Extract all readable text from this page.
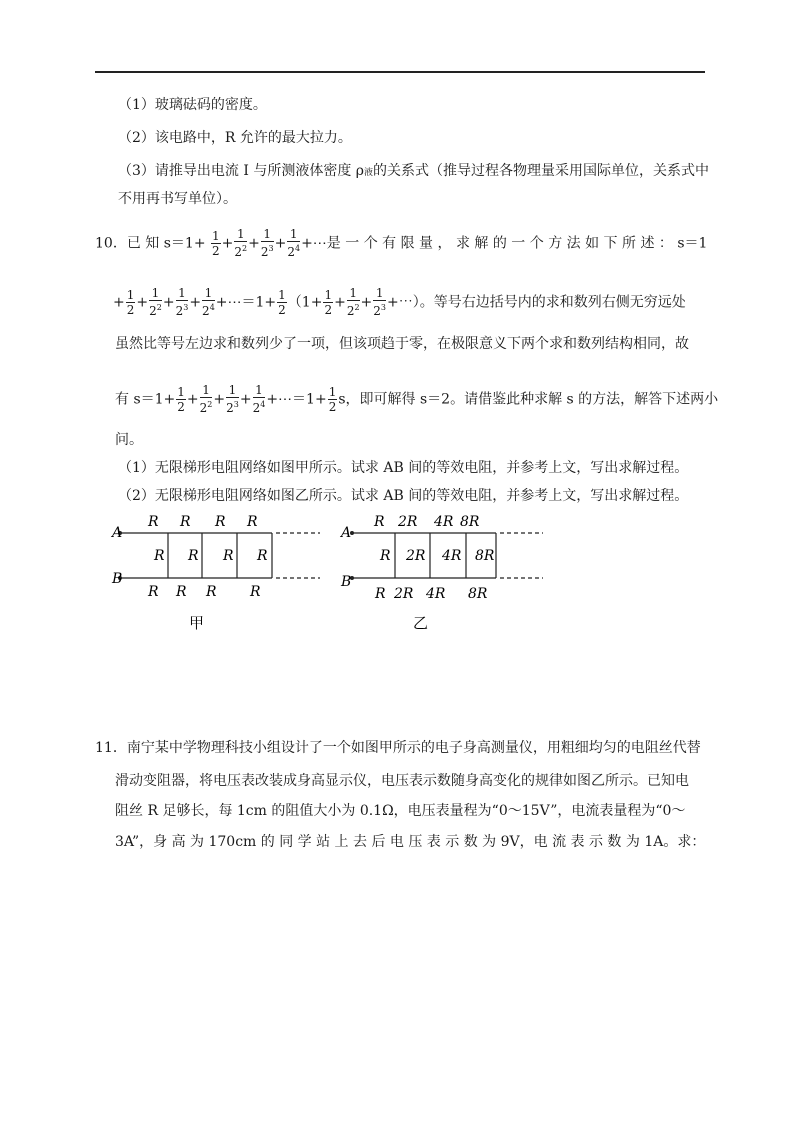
（1）玻璃砝码的密度。
（2）该电路中，R 允许的最大拉力。
（3）请推导出电流 I 与所测液体密度 ρ液的关系式（推导过程各物理量采用国际单位，关系式中
不用再书写单位）。
10．已 知 $s=1+ \frac{1}{2} + \frac{1}{2^2} + \frac{1}{2^3} + \frac{1}{2^4}$ +⋯是 一 个 有 限 量 ， 求 解 的 一 个 方 法 如 下 所 述 ： s＝1
+ $\frac{1}{2} + \frac{1}{2^2} + \frac{1}{2^3} + \frac{1}{2^4}$ +⋯＝1+ $\frac{1}{2} (1+ \frac{1}{2} + \frac{1}{2^2} + \frac{1}{2^3}$ +⋯）。等号右边括号内的求和数列右侧无穷远处
虽然比等号左边求和数列少了一项，但该项趋于零，在极限意义下两个求和数列结构相同，故
有 $s=1+ \frac{1}{2} + \frac{1}{2^2} + \frac{1}{2^3} + \frac{1}{2^4}$ +⋯＝1+ $\frac{1}{2}$ s，即可解得 s＝2。请借鉴此种求解 s 的方法，解答下述两小
问。
（1）无限梯形电阻网络如图甲所示。试求 AB 间的等效电阻，并参考上文，写出求解过程。
（2）无限梯形电阻网络如图乙所示。试求 AB 间的等效电阻，并参考上文，写出求解过程。
A
B
R R R R
R R R R
R R R R
甲
A
B
R 2R 4R 8R
R 2R 4R 8R
R 2R 4R 8R
乙
11．南宁某中学物理科技小组设计了一个如图甲所示的电子身高测量仪，用粗细均匀的电阻丝代替
滑动变阻器，将电压表改装成身高显示仪，电压表示数随身高变化的规律如图乙所示。已知电
阻丝 R 足够长，每 1cm 的阻值大小为 0.1Ω，电压表量程为“0～15V”，电流表量程为“0～
3A”，身 高 为 170cm 的 同 学 站 上 去 后 电 压 表 示 数 为 9V，电 流 表 示 数 为 1A。求：
